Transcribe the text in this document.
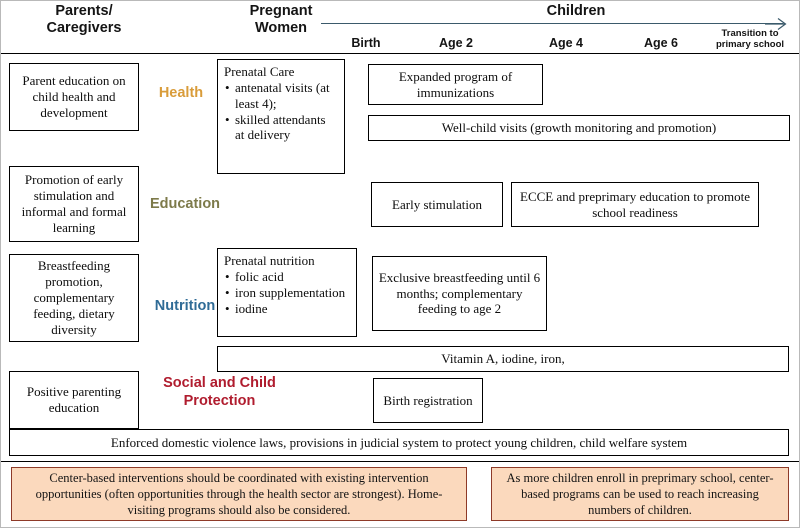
Parents/
Caregivers
Pregnant
Women
Children
Birth	Age 2	Age 4	Age 6
Transition to
primary school
Parent education on child health and development
Health
Prenatal Care
• antenatal visits (at least 4);
• skilled attendants at delivery
Expanded program of immunizations
Well-child visits (growth monitoring and promotion)
Promotion of early stimulation and informal and formal learning
Education	Early stimulation
ECCE and preprimary education to promote school readiness
Breastfeeding promotion, complementary feeding, dietary diversity
Nutrition
Prenatal nutrition
• folic acid
• iron supplementation
• iodine
Exclusive breastfeeding until 6 months; complementary feeding to age 2
Vitamin A, iodine, iron,
Positive parenting education
Social and Child
Protection	Birth registration
Enforced domestic violence laws, provisions in judicial system to protect young children, child welfare system
Center-based interventions should be coordinated with existing intervention opportunities (often opportunities through the health sector are strongest). Home-visiting programs should also be considered.
As more children enroll in preprimary school, center-based programs can be used to reach increasing numbers of children.
